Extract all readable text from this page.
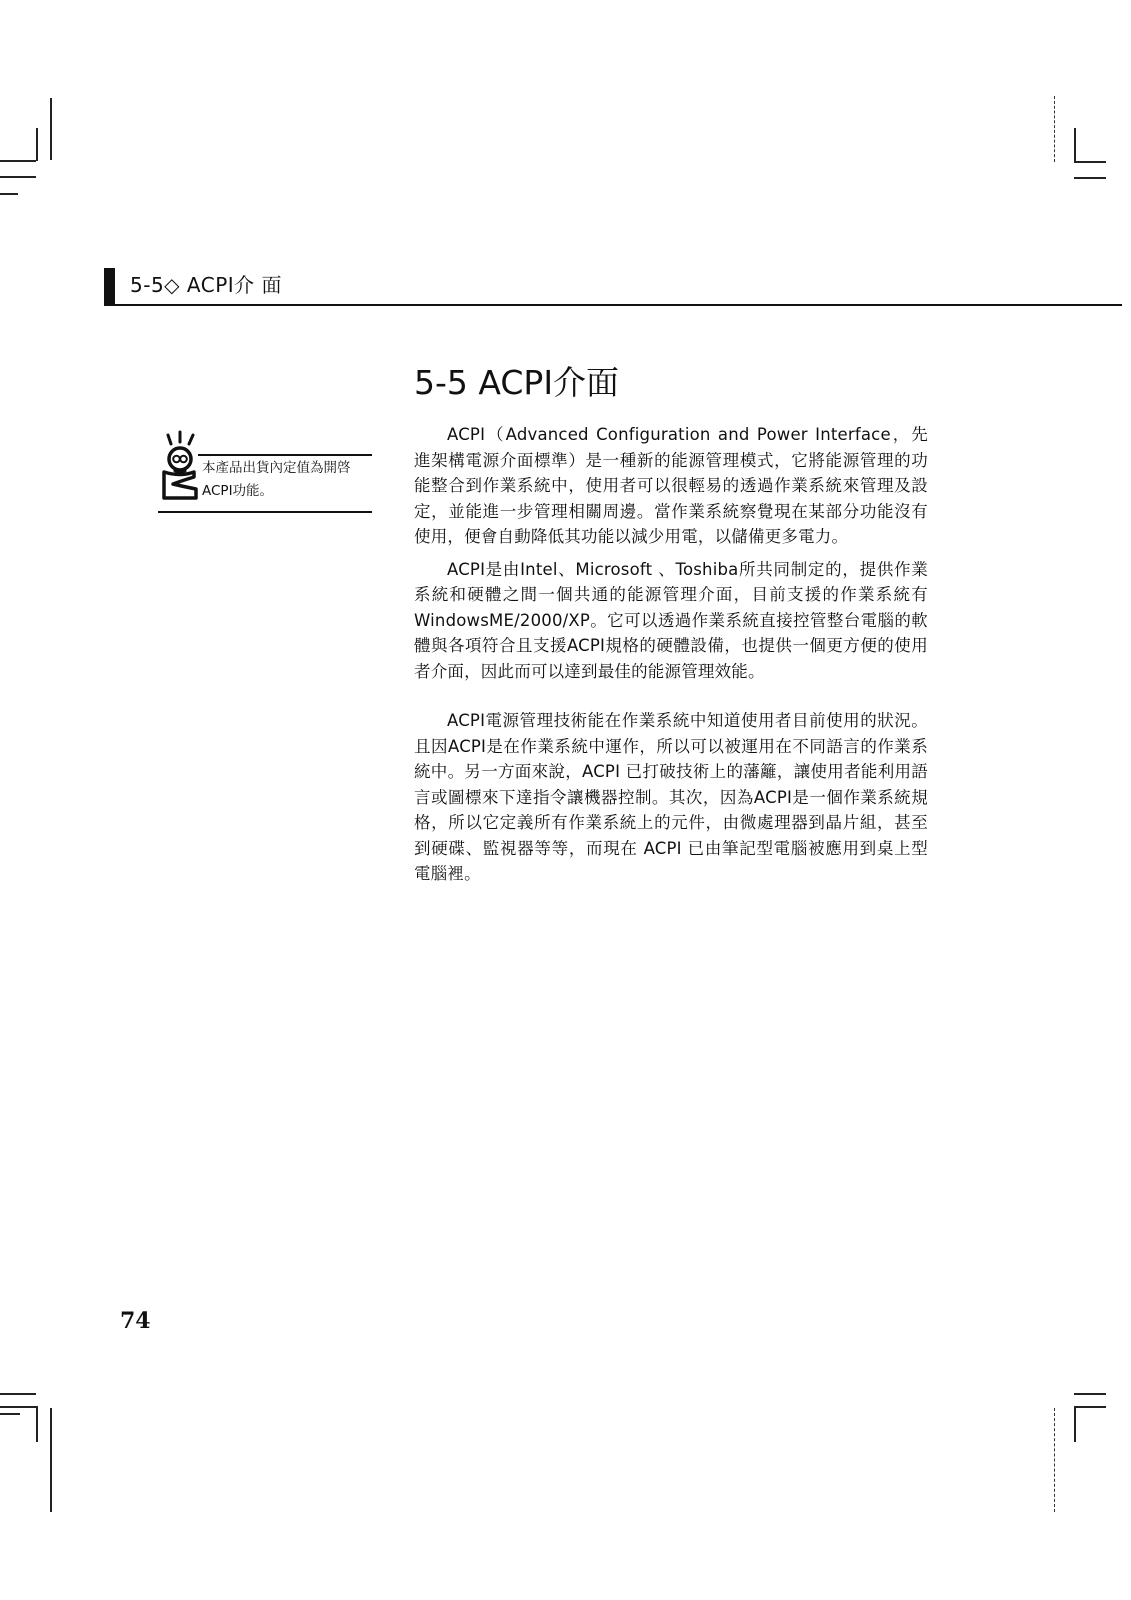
5-5◇ ACPI介 面
5-5 ACPI介面
本產品出貨內定值為開啓ACPI功能。

ACPI（Advanced Configuration and Power Interface，先進架構電源介面標準）是一種新的能源管理模式，它將能源管理的功能整合到作業系統中，使用者可以很輕易的透過作業系統來管理及設定，並能進一步管理相關周邊。當作業系統察覺現在某部分功能沒有使用，便會自動降低其功能以減少用電，以儲備更多電力。

ACPI是由Intel、Microsoft 、Toshiba所共同制定的，提供作業系統和硬體之間一個共通的能源管理介面，目前支援的作業系統有WindowsME/2000/XP。它可以透過作業系統直接控管整台電腦的軟體與各項符合且支援ACPI規格的硬體設備，也提供一個更方便的使用者介面，因此而可以達到最佳的能源管理效能。

ACPI電源管理技術能在作業系統中知道使用者目前使用的狀況。且因ACPI是在作業系統中運作，所以可以被運用在不同語言的作業系統中。另一方面來說，ACPI 已打破技術上的藩籬，讓使用者能利用語言或圖標來下達指令讓機器控制。其次，因為ACPI是一個作業系統規格，所以它定義所有作業系統上的元件，由微處理器到晶片組，甚至到硬碟、監視器等等，而現在 ACPI 已由筆記型電腦被應用到桌上型電腦裡。

74
